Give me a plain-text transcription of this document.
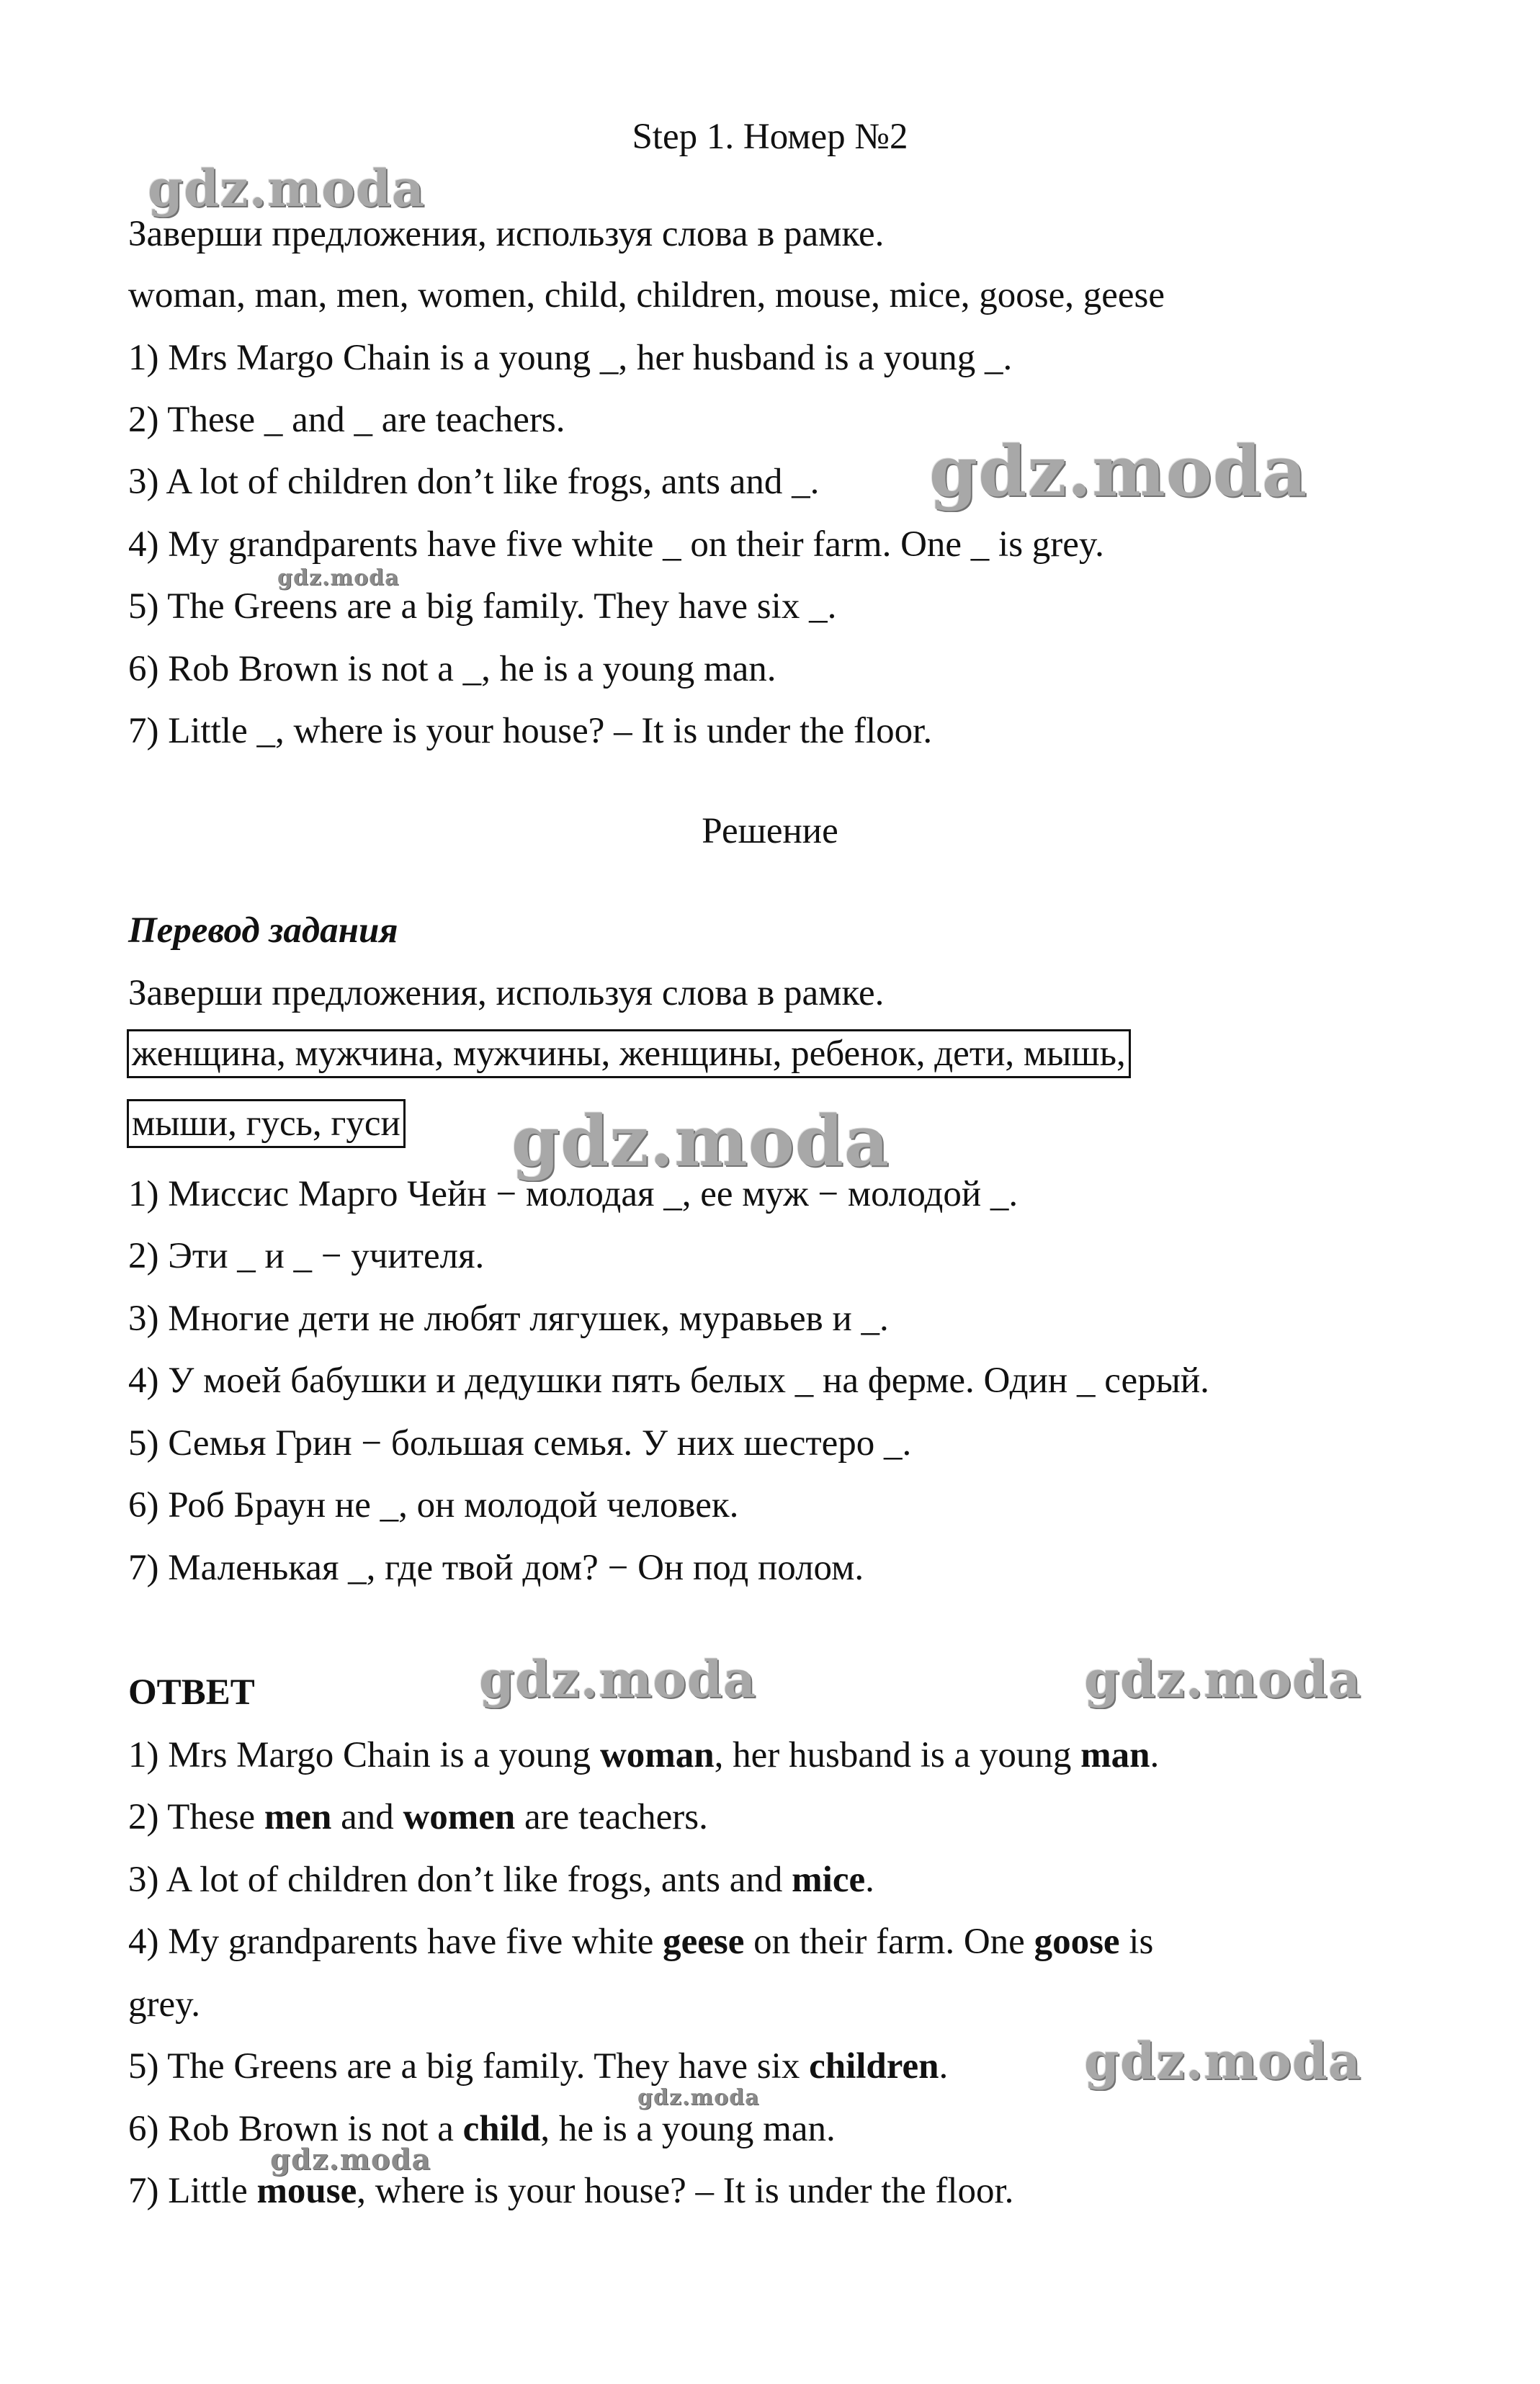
Step 1. Номер №2

Заверши предложения, используя слова в рамке.

woman, man, men, women, child, children, mouse, mice, goose, geese

1) Mrs Margo Chain is a young _, her husband is a young _.

2) These _ and _ are teachers.

3) A lot of children don’t like frogs, ants and _.

4) My grandparents have five white _ on their farm. One _ is grey.

5) The Greens are a big family. They have six _.

6) Rob Brown is not a _, he is a young man.

7) Little _, where is your house? – It is under the floor.

Решение

Перевод задания

Заверши предложения, используя слова в рамке.

женщина, мужчина, мужчины, женщины, ребенок, дети, мышь,
мыши, гусь, гуси

1) Миссис Марго Чейн − молодая _, ее муж − молодой _.

2) Эти _ и _ − учителя.

3) Многие дети не любят лягушек, муравьев и _.

4) У моей бабушки и дедушки пять белых _ на ферме. Один _ серый.

5) Семья Грин − большая семья. У них шестеро _.

6) Роб Браун не _, он молодой человек.

7) Маленькая _, где твой дом? − Он под полом.

ОТВЕТ

1) Mrs Margo Chain is a young woman, her husband is a young man.

2) These men and women are teachers.

3) A lot of children don’t like frogs, ants and mice.

4) My grandparents have five white geese on their farm. One goose is

grey.

5) The Greens are a big family. They have six children.

6) Rob Brown is not a child, he is a young man.

7) Little mouse, where is your house? – It is under the floor.

gdz.moda
gdz.moda
gdz.moda
gdz.moda
gdz.moda	gdz.moda
gdz.moda
gdz.moda
gdz.moda
